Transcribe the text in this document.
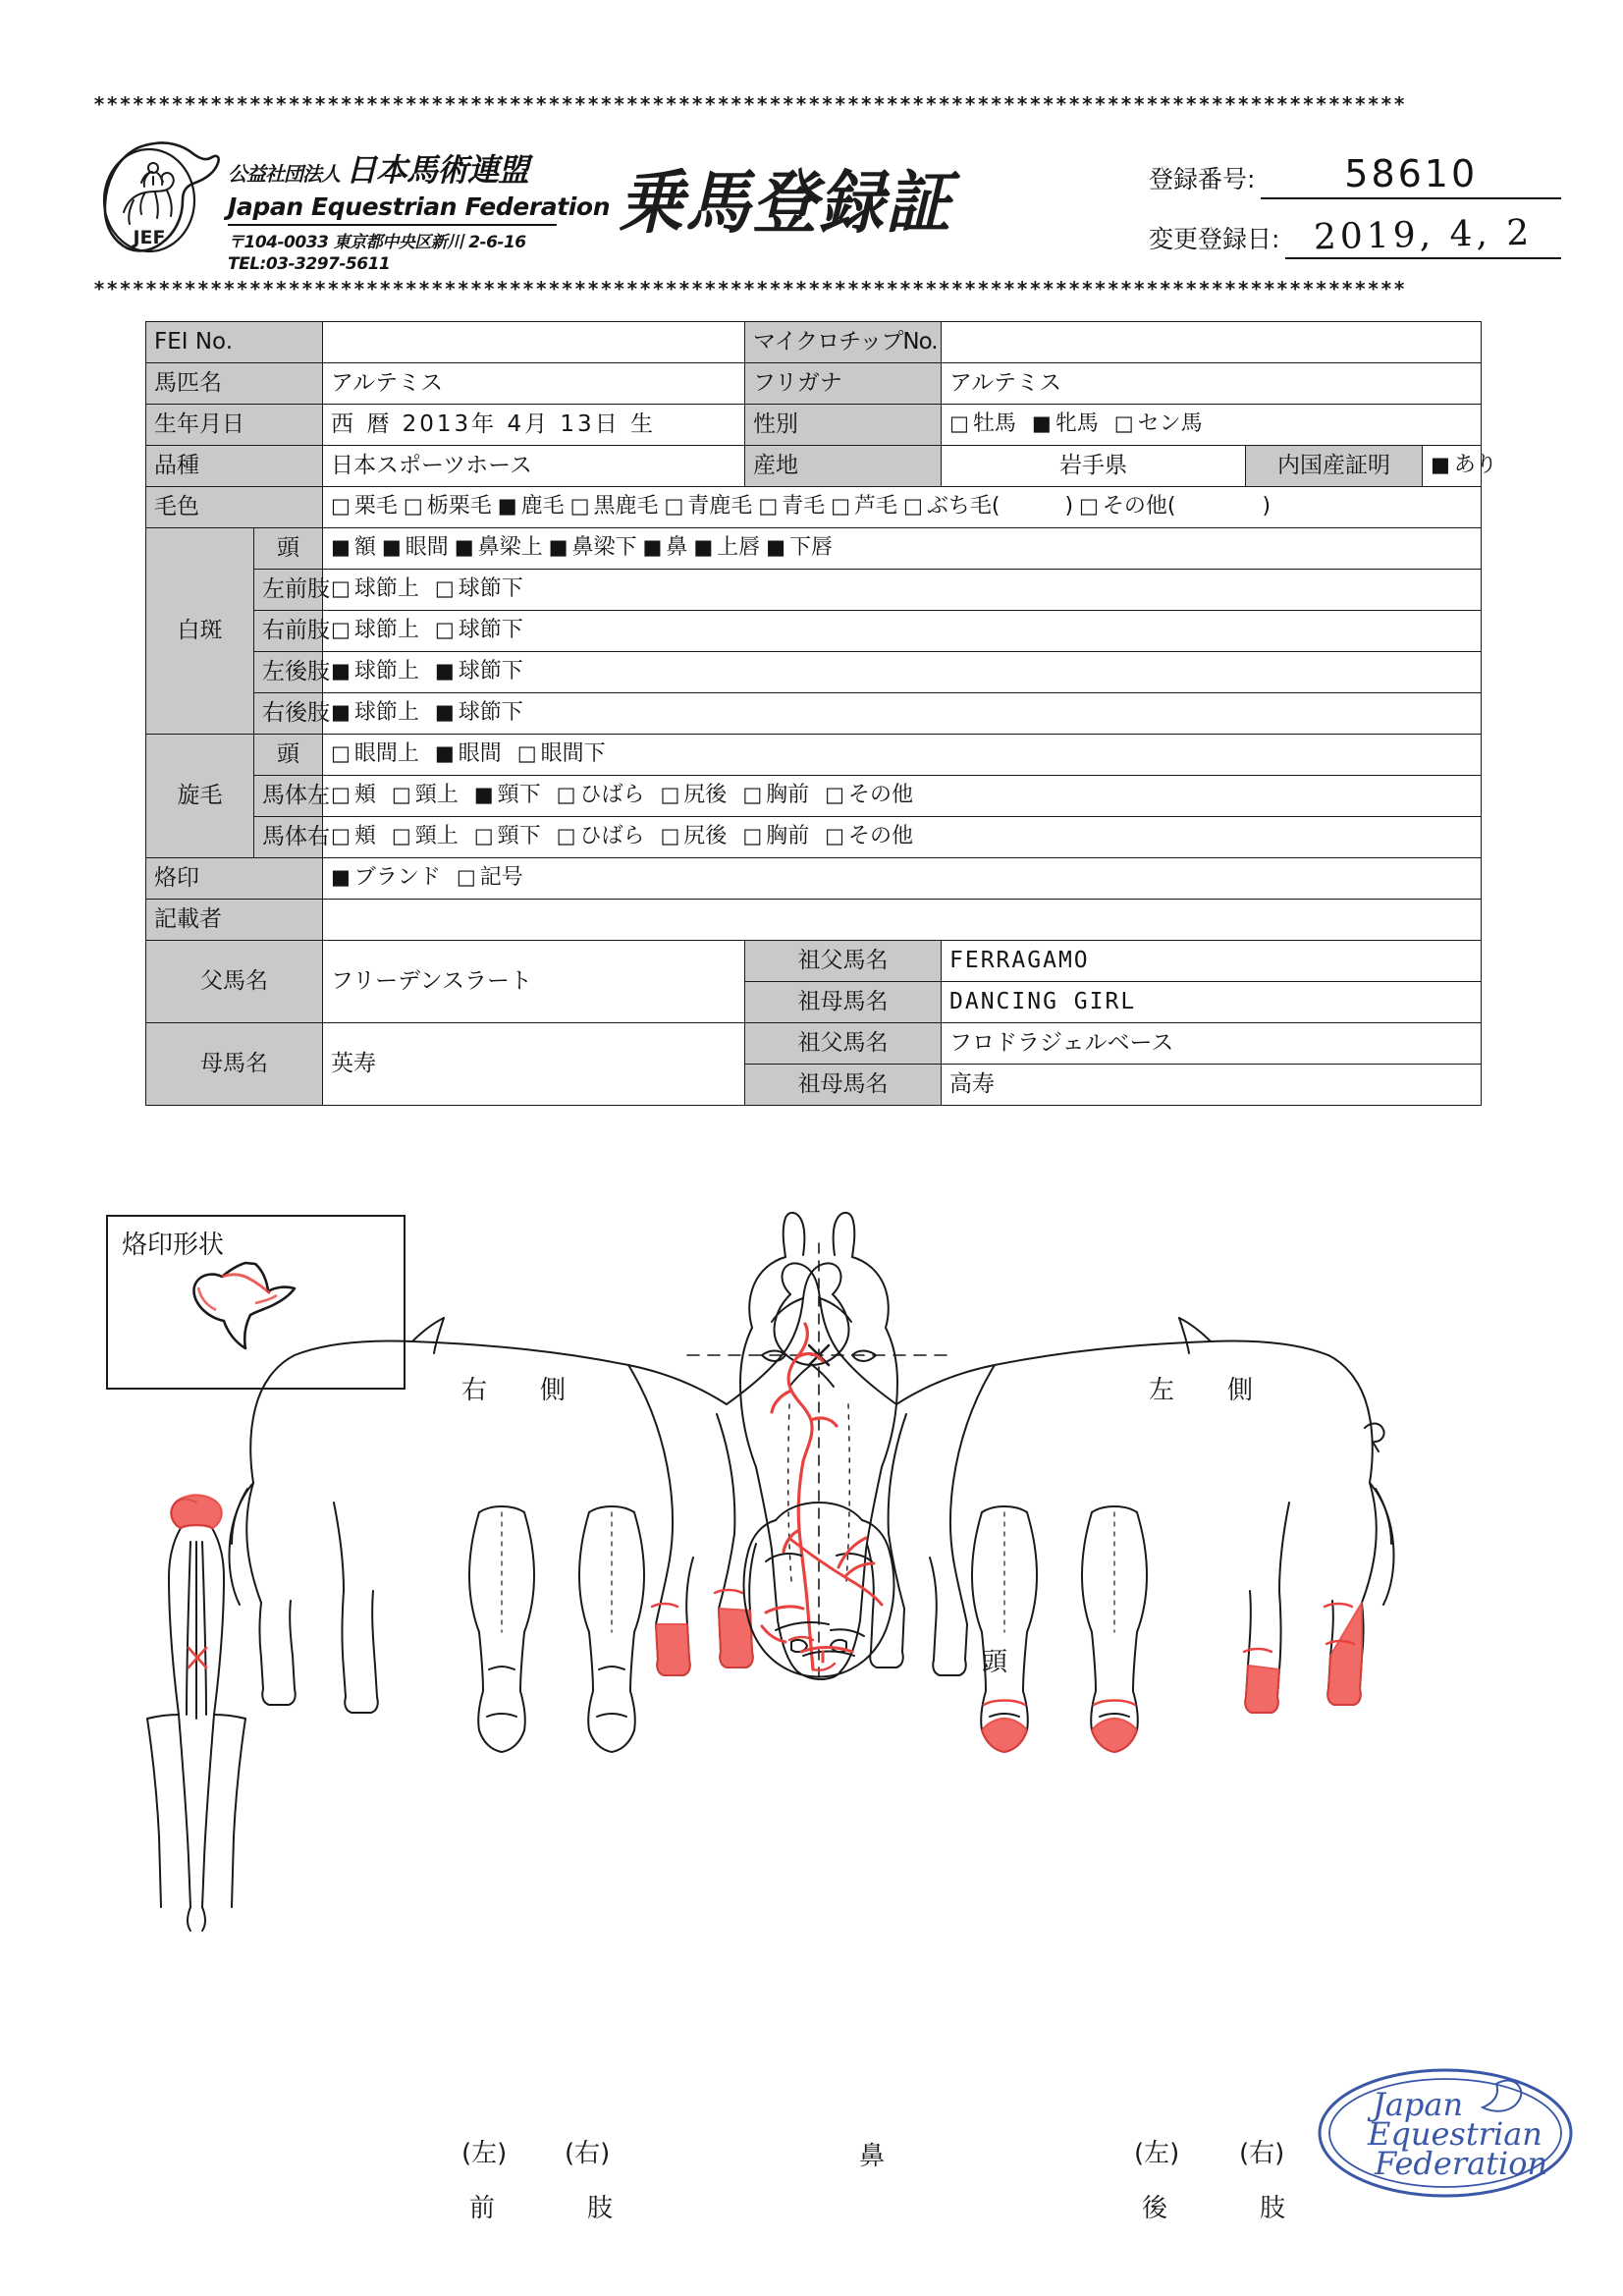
*****************************************************************************************************
JEF
公益社団法人 日本馬術連盟
Japan Equestrian Federation
〒104-0033 東京都中央区新川 2-6-16
TEL:03-3297-5611
乗馬登録証	登録番号:	58610
変更登録日: 2019, 4, 2
*****************************************************************************************************
FEI No.			マイクロチップNo.			
馬匹名		アルテミス	フリガナ	アルテミス		
生年月日		西 暦 2013年 4月 13日 生	性別	□ 牡馬 ■ 牝馬 □ セン馬		

品種		日本スポーツホース	産地	岩手県	内国産証明	■ あり

毛色	□ 栗毛 □ 栃栗毛 ■ 鹿毛 □ 黒鹿毛 □ 青鹿毛 □ 青毛 □ 芦毛 □ ぶち毛(　　　) □ その他(　　　　)

白斑	頭	■ 額 ■ 眼間 ■ 鼻梁上 ■ 鼻梁下 ■ 鼻 ■ 上唇 ■ 下唇

	左前肢	□ 球節上 □ 球節下				

	右前肢	□ 球節上 □ 球節下				

	左後肢	■ 球節上 ■ 球節下				

	右後肢	■ 球節上 ■ 球節下				

旋毛	頭	□ 眼間上 ■ 眼間 □ 眼間下				

馬体左	□ 頬 □ 頸上 ■ 頸下 □ ひばら □ 尻後 □ 胸前 □ その他

馬体右	□ 頬 □ 頸上 □ 頸下 □ ひばら □ 尻後 □ 胸前 □ その他

烙印		■ ブランド □ 記号				

記載者						
父馬名		フリーデンスラート	祖父馬名	FERRAGAMO		
			祖母馬名	DANCING GIRL		
母馬名		英寿	祖父馬名	フロドラジェルベース		
			祖母馬名	高寿		
烙印形状
右　側	左　側
頭
(左) (右)
前　　肢
鼻	(左) (右)
後　　肢
Japan
Equestrian
Federation
